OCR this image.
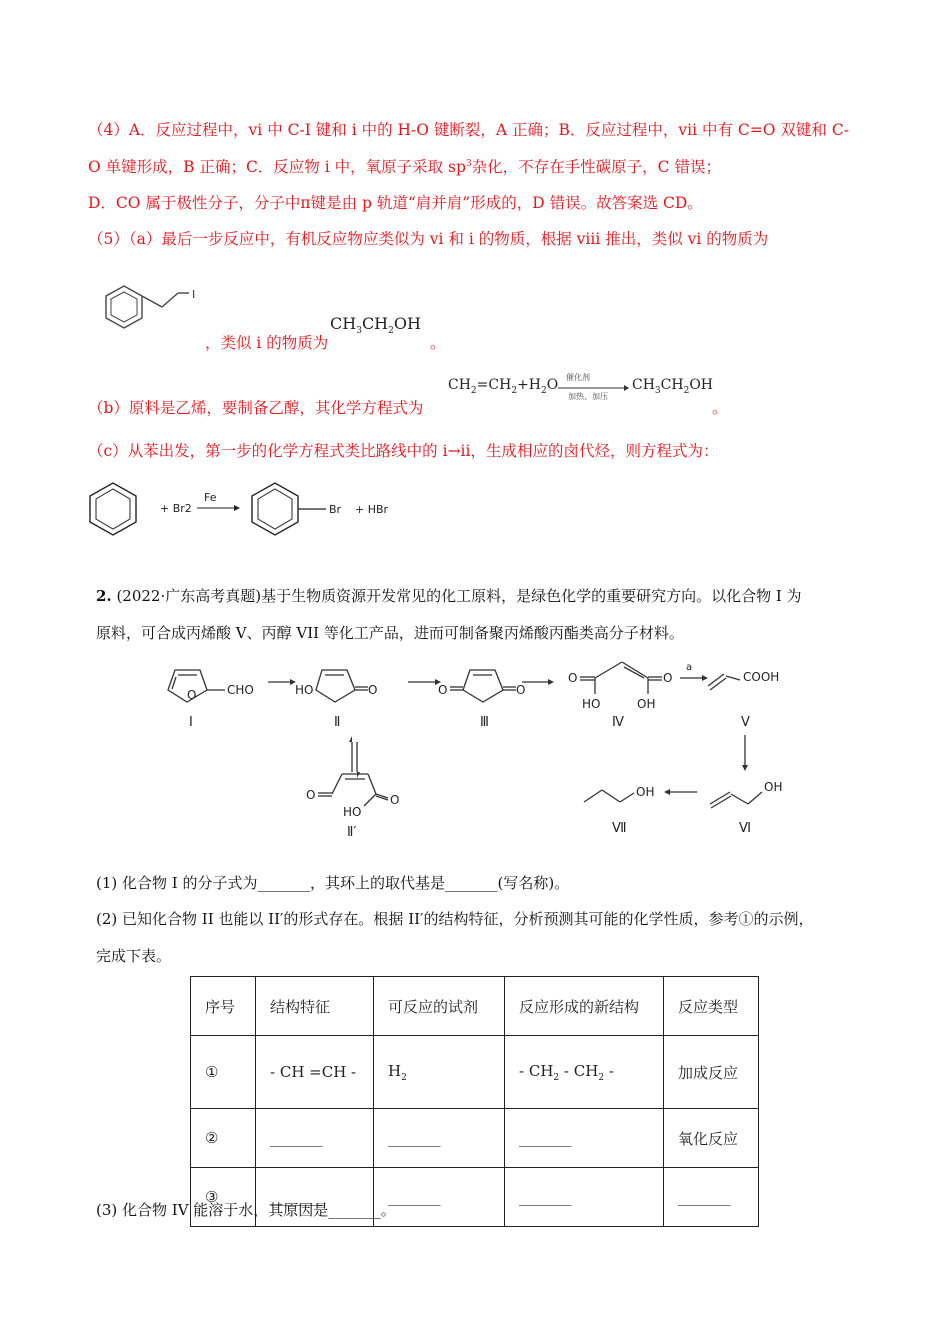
（4）A．反应过程中，vi 中 C-I 键和 i 中的 H-O 键断裂，A 正确；B．反应过程中，vii 中有 C=O 双键和 C-
O 单键形成，B 正确；C．反应物 i 中，氧原子采取 $sp^3$杂化，不存在手性碳原子，C 错误；
D．CO 属于极性分子，分子中π键是由 p 轨道“肩并肩”形成的，D 错误。故答案选 CD。
（5）（a）最后一步反应中，有机反应物应类似为 vi 和 i 的物质，根据 viii 推出，类似 vi 的物质为
I
，类似 i 的物质为
$CH_3CH_2OH$
。
$CH_2=CH_2+H_2O$ 催化剂
加热、加压
$CH_3CH_2OH$
（b）原料是乙烯，要制备乙醇，其化学方程式为	。
（c）从苯出发，第一步的化学方程式类比路线中的 i→ii，生成相应的卤代烃，则方程式为：
+ Br2
Fe
Br + HBr
2. (2022·广东高考真题)基于生物质资源开发常见的化工原料，是绿色化学的重要研究方向。以化合物 I 为
原料，可合成丙烯酸 V、丙醇 VII 等化工产品，进而可制备聚丙烯酸丙酯类高分子材料。
O	CHO	HO	O	O	O
O	O
HO	OH
COOH
a
OH
OH
O	O
HO
I	Ⅱ	Ⅲ	Ⅳ	V
Ⅵ
Ⅶ
Ⅱ′
(1) 化合物 I 的分子式为_______，其环上的取代基是_______(写名称)。
(2) 已知化合物 II 也能以 II′的形式存在。根据 II′的结构特征，分析预测其可能的化学性质，参考①的示例，
完成下表。
序号	结构特征	可反应的试剂	反应形成的新结构	反应类型
①	- CH =CH -	$H_2$	- $CH_2 - CH_2$ -	加成反应
②	_______	_______	_______	氧化反应
③	_______	_______	_______	_______
(3) 化合物 IV 能溶于水，其原因是_______。
